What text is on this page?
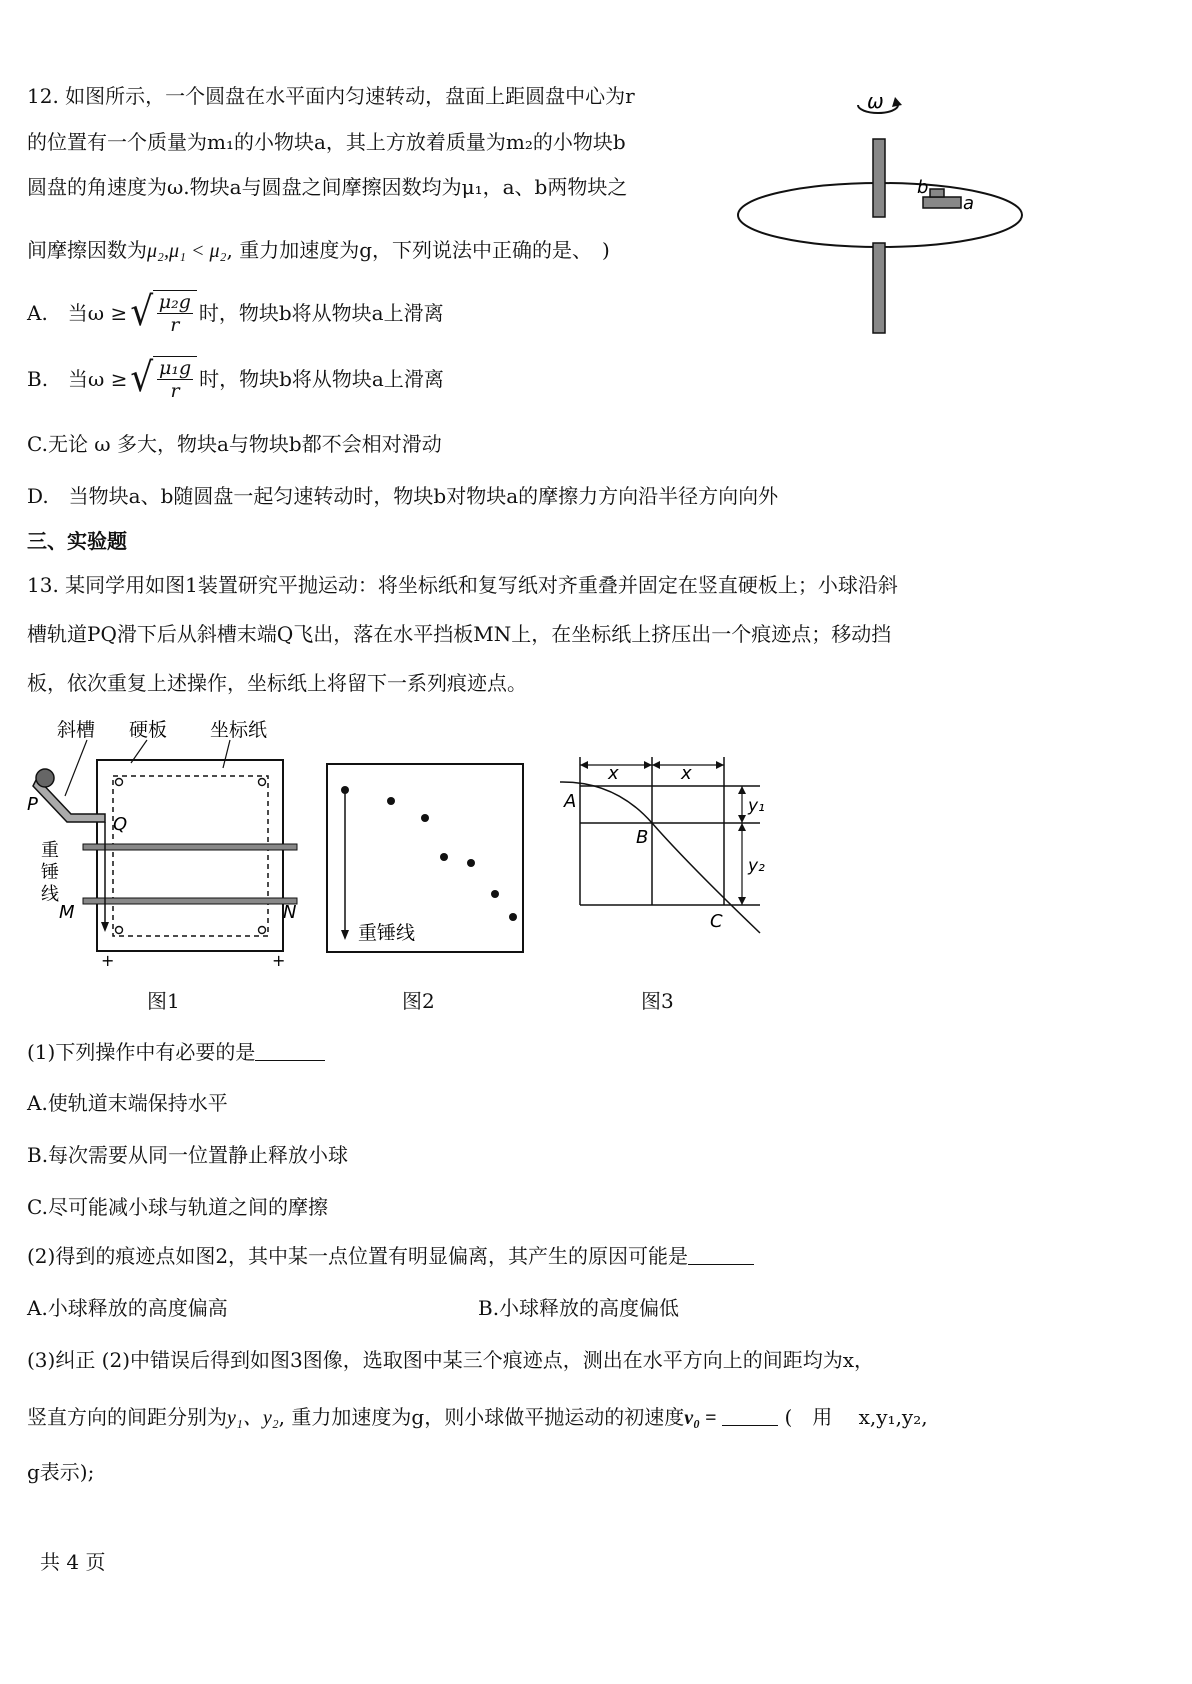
12. 如图所示，一个圆盘在水平面内匀速转动，盘面上距圆盘中心为r
的位置有一个质量为m₁的小物块a，其上方放着质量为m₂的小物块b
圆盘的角速度为ω.物块a与圆盘之间摩擦因数均为μ₁，a、b两物块之
间摩擦因数为μ₂,μ₁ < μ₂, 重力加速度为g，下列说法中正确的是、　)
A.　当ω ≥ √ $\frac{\text{μ₂g}}{r}$ 时，物块b将从物块a上滑离
B.　当ω ≥ √ $\frac{\text{μ₁g}}{r}$ 时，物块b将从物块a上滑离
C.无论 ω 多大，物块a与物块b都不会相对滑动
D.　当物块a、b随圆盘一起匀速转动时，物块b对物块a的摩擦力方向沿半径方向向外
ω
b
a
三、实验题
13. 某同学用如图1装置研究平抛运动：将坐标纸和复写纸对齐重叠并固定在竖直硬板上；小球沿斜
槽轨道PQ滑下后从斜槽末端Q飞出，落在水平挡板MN上，在坐标纸上挤压出一个痕迹点；移动挡
板，依次重复上述操作，坐标纸上将留下一系列痕迹点。
斜槽 硬板 坐标纸
P
Q
重锤线
M	N
+	+
图1
重锤线
图2
x	x
y₁
y₂
A
B
C
图3
(1)下列操作中有必要的是
A.使轨道末端保持水平
B.每次需要从同一位置静止释放小球
C.尽可能减小球与轨道之间的摩擦
(2)得到的痕迹点如图2，其中某一点位置有明显偏离，其产生的原因可能是
A.小球释放的高度偏高	B.小球释放的高度偏低
(3)纠正 (2)中错误后得到如图3图像，选取图中某三个痕迹点，测出在水平方向上的间距均为x，
竖直方向的间距分别为y₁、y₂, 重力加速度为g，则小球做平抛运动的初速度v₀ =	(　用　 x,y₁,y₂,
g表示);
共 4 页
